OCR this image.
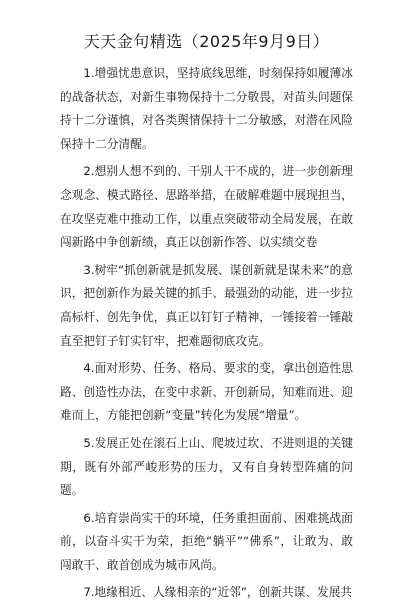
天天金句精选（2025年9月9日）

1.增强忧患意识，坚持底线思维，时刻保持如履薄冰的战备状态，对新生事物保持十二分敬畏，对苗头问题保持十二分谨慎，对各类舆情保持十二分敏感，对潜在风险保持十二分清醒。

2.想别人想不到的、干别人干不成的，进一步创新理念观念、模式路径、思路举措，在破解难题中展现担当，在攻坚克难中推动工作，以重点突破带动全局发展，在敢闯新路中争创新绩，真正以创新作答、以实绩交卷

3.树牢“抓创新就是抓发展、谋创新就是谋未来”的意识，把创新作为最关键的抓手、最强劲的动能，进一步拉高标杆、创先争优，真正以钉钉子精神，一锤接着一锤敲直至把钉子钉实钉牢，把难题彻底攻克。

4.面对形势、任务、格局、要求的变，拿出创造性思路、创造性办法，在变中求新、开创新局，知难而进、迎难而上，方能把创新“变量”转化为发展“增量”。

5.发展正处在滚石上山、爬坡过坎、不进则退的关键期，既有外部严峻形势的压力，又有自身转型阵痛的问题。

6.培育崇尚实干的环境，任务重担面前、困难挑战面前，以奋斗实干为荣，拒绝“躺平”“佛系”，让敢为、敢闯敢干、敢首创成为城市风尚。

7.地缘相近、人缘相亲的“近邻”，创新共谋、发展共
